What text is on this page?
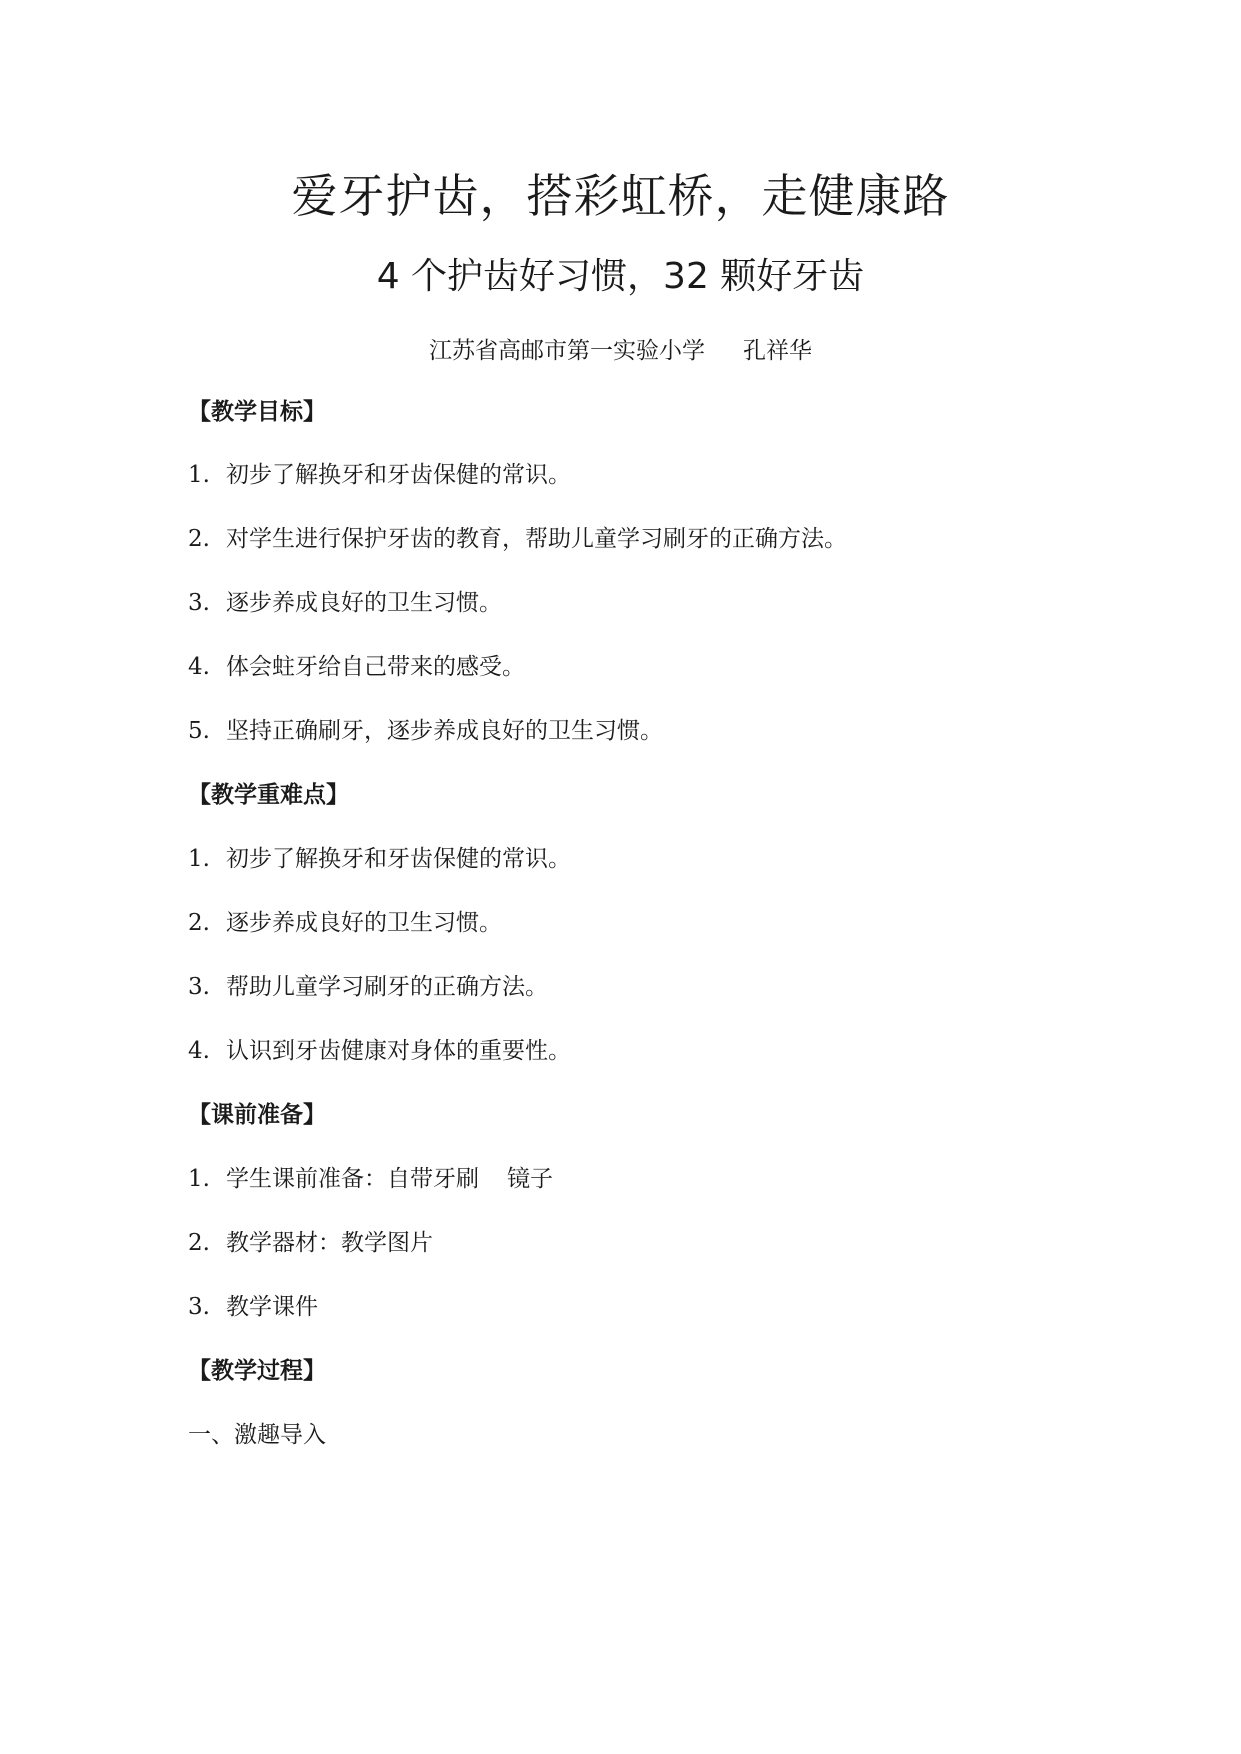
爱牙护齿，搭彩虹桥，走健康路
4 个护齿好习惯，32 颗好牙齿
江苏省高邮市第一实验小学 孔祥华
【教学目标】
1. 初步了解换牙和牙齿保健的常识。
2. 对学生进行保护牙齿的教育，帮助儿童学习刷牙的正确方法。
3. 逐步养成良好的卫生习惯。
4. 体会蛀牙给自己带来的感受。
5. 坚持正确刷牙，逐步养成良好的卫生习惯。
【教学重难点】
1. 初步了解换牙和牙齿保健的常识。
2. 逐步养成良好的卫生习惯。
3. 帮助儿童学习刷牙的正确方法。
4. 认识到牙齿健康对身体的重要性。
【课前准备】
1. 学生课前准备：自带牙刷 镜子
2. 教学器材：教学图片
3. 教学课件
【教学过程】
一、激趣导入
